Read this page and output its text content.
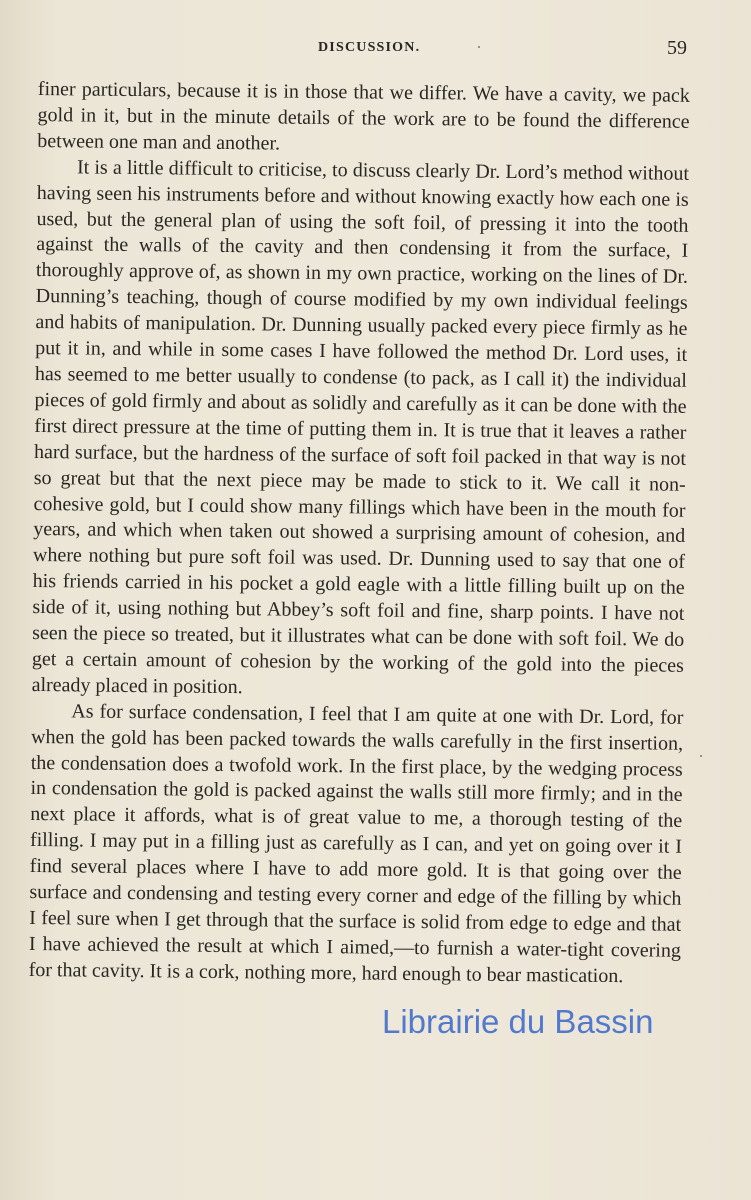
DISCUSSION.	59

finer particulars, because it is in those that we differ. We have a cavity, we pack gold in it, but in the minute details of the work are to be found the difference between one man and another.

It is a little difficult to criticise, to discuss clearly Dr. Lord’s method without having seen his instruments before and without knowing exactly how each one is used, but the general plan of using the soft foil, of pressing it into the tooth against the walls of the cavity and then condensing it from the surface, I thoroughly approve of, as shown in my own practice, working on the lines of Dr. Dunning’s teaching, though of course modified by my own individual feelings and habits of manipulation. Dr. Dunning usually packed every piece firmly as he put it in, and while in some cases I have followed the method Dr. Lord uses, it has seemed to me better usually to condense (to pack, as I call it) the individual pieces of gold firmly and about as solidly and carefully as it can be done with the first direct pressure at the time of putting them in. It is true that it leaves a rather hard surface, but the hardness of the surface of soft foil packed in that way is not so great but that the next piece may be made to stick to it. We call it non-cohesive gold, but I could show many fillings which have been in the mouth for years, and which when taken out showed a surprising amount of cohesion, and where nothing but pure soft foil was used. Dr. Dunning used to say that one of his friends carried in his pocket a gold eagle with a little filling built up on the side of it, using nothing but Abbey’s soft foil and fine, sharp points. I have not seen the piece so treated, but it illustrates what can be done with soft foil. We do get a certain amount of cohesion by the working of the gold into the pieces already placed in position.

As for surface condensation, I feel that I am quite at one with Dr. Lord, for when the gold has been packed towards the walls carefully in the first insertion, the condensation does a twofold work. In the first place, by the wedging process in condensation the gold is packed against the walls still more firmly; and in the next place it affords, what is of great value to me, a thorough testing of the filling. I may put in a filling just as carefully as I can, and yet on going over it I find several places where I have to add more gold. It is that going over the surface and condensing and testing every corner and edge of the filling by which I feel sure when I get through that the surface is solid from edge to edge and that I have achieved the result at which I aimed,—to furnish a water-tight covering for that cavity. It is a cork, nothing more, hard enough to bear mastication.

Librairie du Bassin
